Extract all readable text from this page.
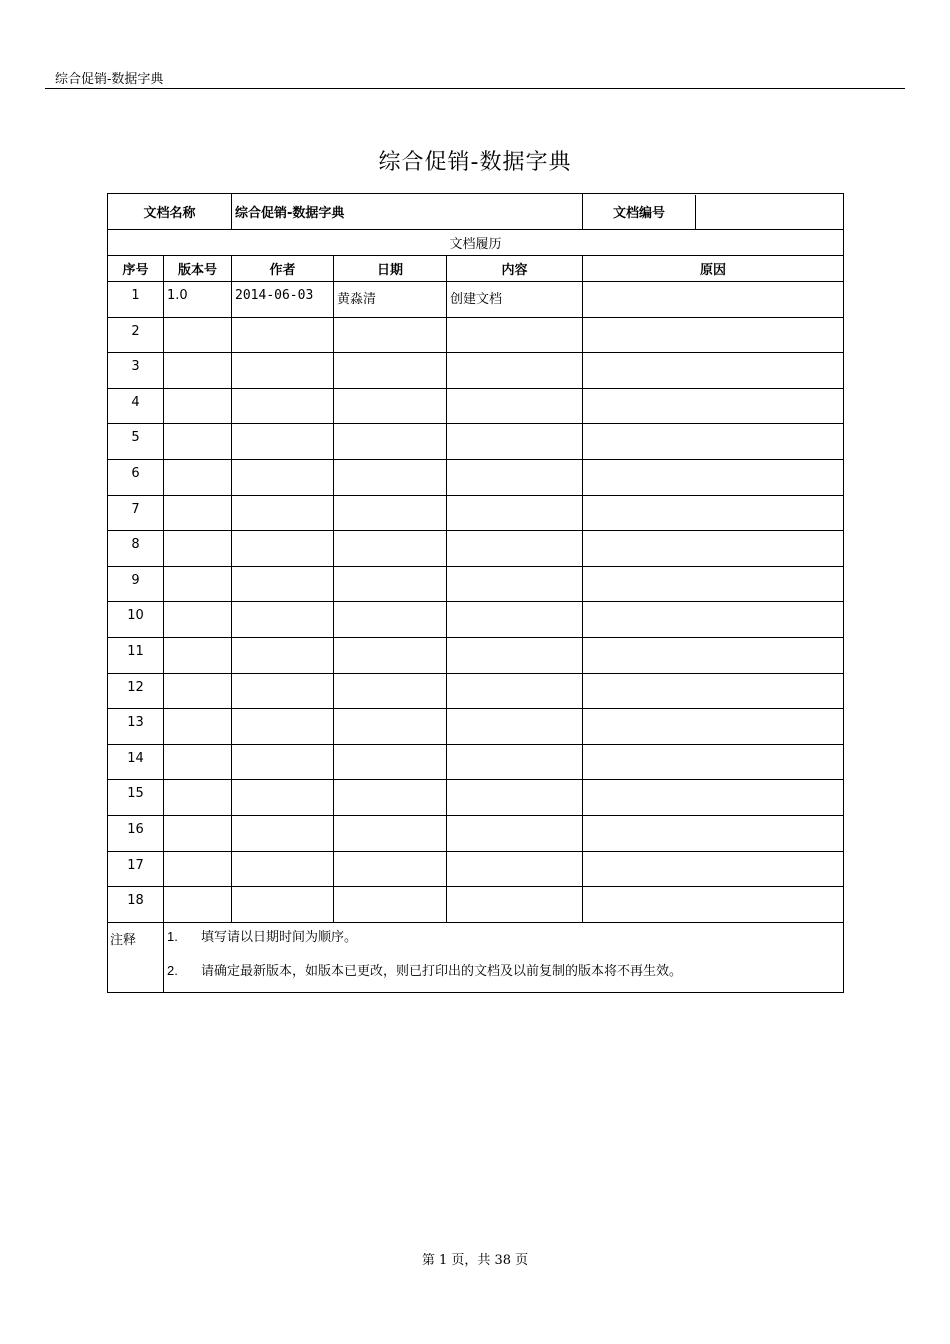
综合促销-数据字典
综合促销-数据字典
文档名称		综合促销-数据字典			文档编号

文档履历					
序号	版本号	作者	日期	内容	原因
1	1.0	2014-06-03	黄淼清	创建文档	
2					
3					
4					
5					
6					
7					
8					
9					
10					
11					
12					
13					
14					
15					
16					
17					
18					
注释	1. 填写请以日期时间为顺序。
2. 请确定最新版本，如版本已更改，则已打印出的文档及以前复制的版本将不再生效。				
第 1 页，共 38 页
